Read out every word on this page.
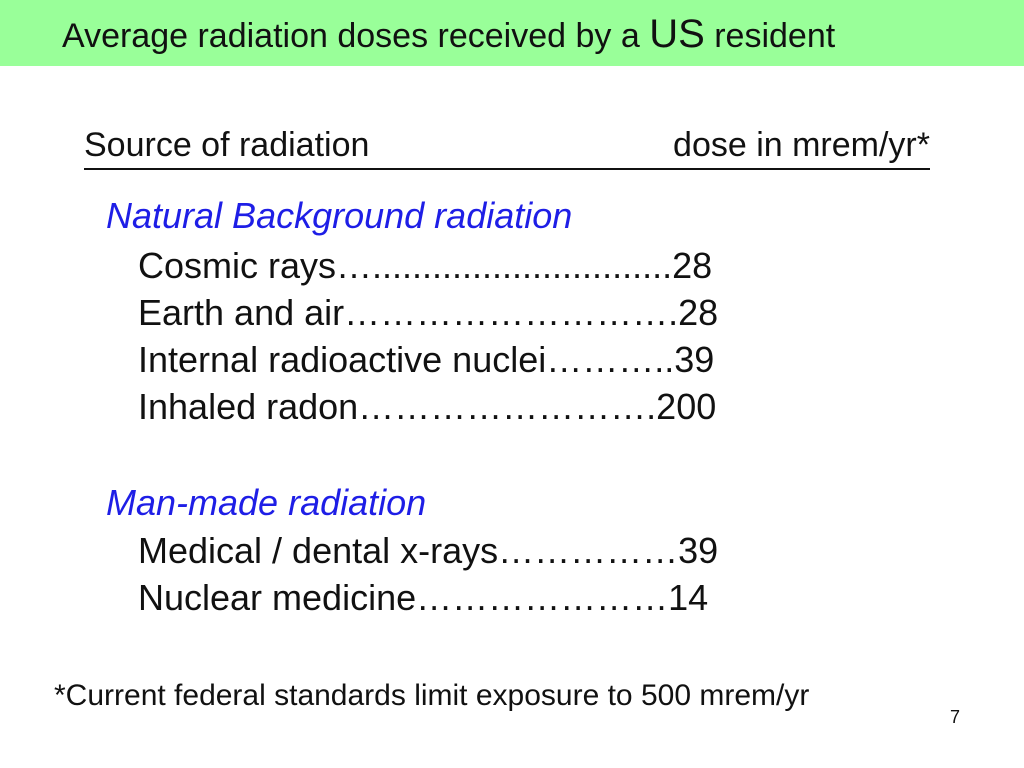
Average radiation doses received by a US resident
Source of radiation	dose in mrem/yr*
Natural Background radiation
Cosmic rays…..............................28
Earth and air……………………….28
Internal radioactive nuclei………..39
Inhaled radon…………………….200
Man-made radiation
Medical / dental x-rays……………39
Nuclear medicine…………………14
*Current federal standards limit exposure to 500 mrem/yr
7
